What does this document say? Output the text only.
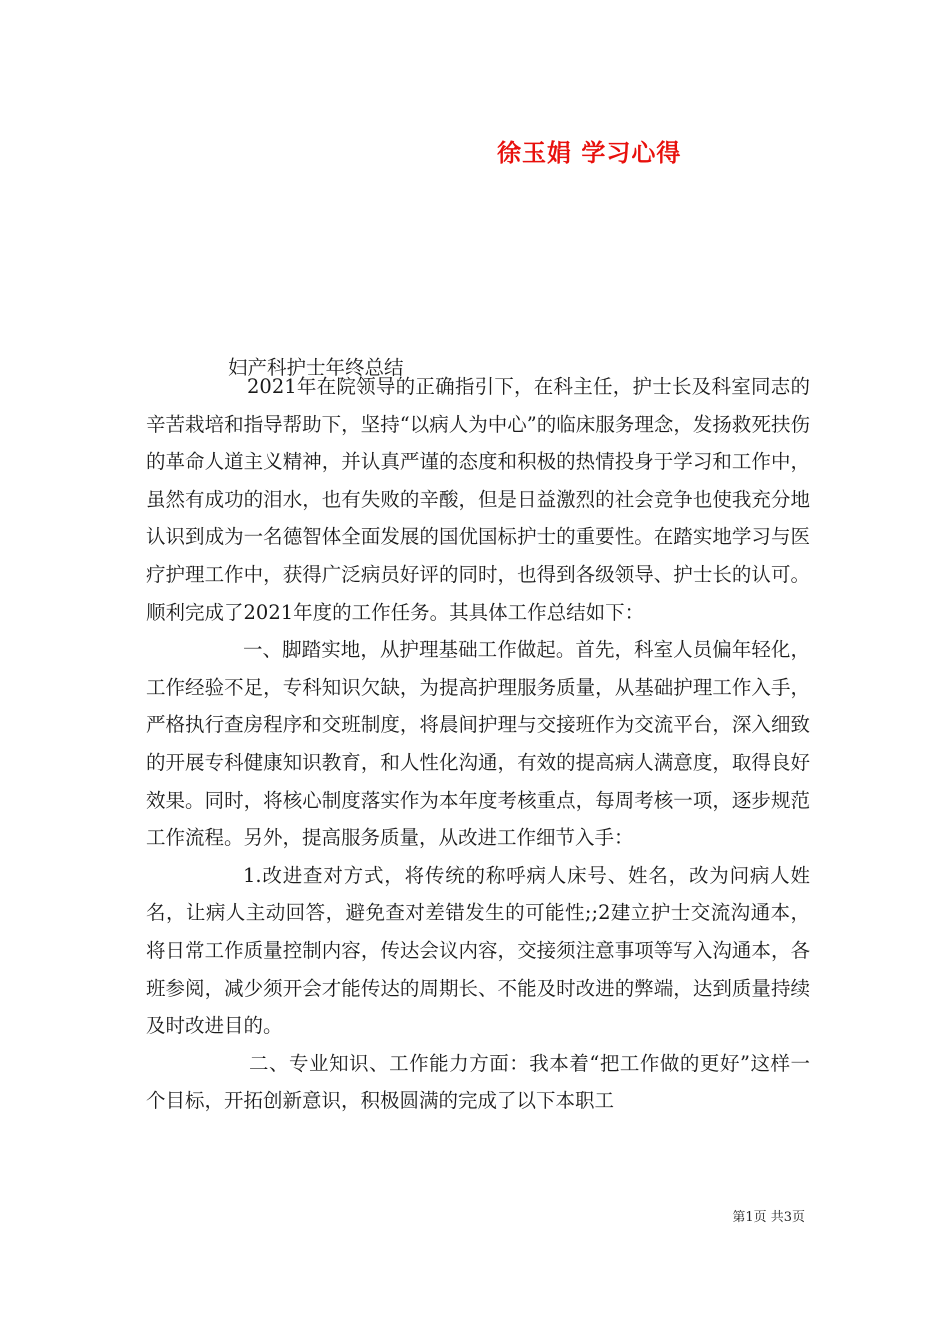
徐玉娟 学习心得
妇产科护士年终总结

2021年在院领导的正确指引下，在科主任，护士长及科室同志的辛苦栽培和指导帮助下，坚持“以病人为中心”的临床服务理念，发扬救死扶伤的革命人道主义精神，并认真严谨的态度和积极的热情投身于学习和工作中，虽然有成功的泪水，也有失败的辛酸，但是日益激烈的社会竞争也使我充分地认识到成为一名德智体全面发展的国优国标护士的重要性。在踏实地学习与医疗护理工作中，获得广泛病员好评的同时，也得到各级领导、护士长的认可。顺利完成了2021年度的工作任务。其具体工作总结如下：

一、脚踏实地，从护理基础工作做起。首先，科室人员偏年轻化，工作经验不足，专科知识欠缺，为提高护理服务质量，从基础护理工作入手，严格执行查房程序和交班制度，将晨间护理与交接班作为交流平台，深入细致的开展专科健康知识教育，和人性化沟通，有效的提高病人满意度，取得良好效果。同时，将核心制度落实作为本年度考核重点，每周考核一项，逐步规范工作流程。另外，提高服务质量，从改进工作细节入手：

1.改进查对方式，将传统的称呼病人床号、姓名，改为问病人姓名，让病人主动回答，避免查对差错发生的可能性;;2建立护士交流沟通本，将日常工作质量控制内容，传达会议内容，交接须注意事项等写入沟通本，各班参阅，减少须开会才能传达的周期长、不能及时改进的弊端，达到质量持续及时改进目的。

二、专业知识、工作能力方面：我本着“把工作做的更好”这样一个目标，开拓创新意识，积极圆满的完成了以下本职工

第1页 共3页
